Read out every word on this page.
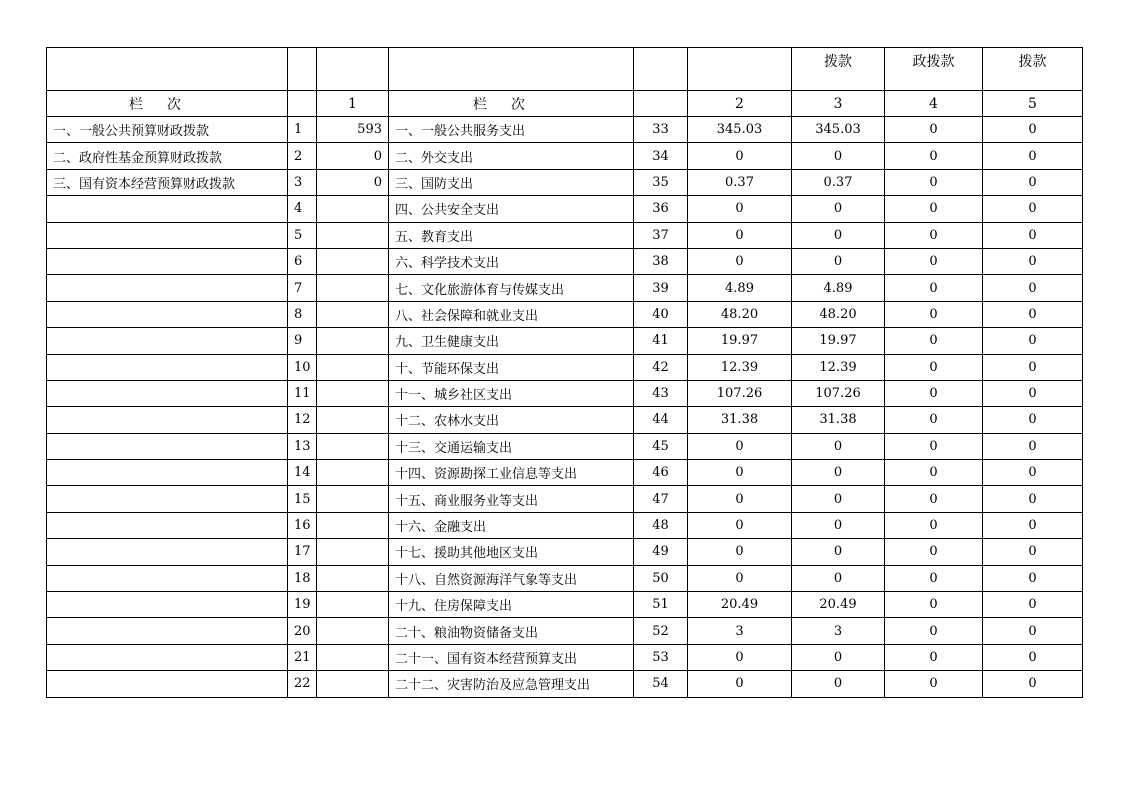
						拨款	政拨款	拨款
栏次		1	栏次		2	3	4	5
一、一般公共预算财政拨款	1	593	一、一般公共服务支出	33	345.03	345.03	0	0
二、政府性基金预算财政拨款	2	0	二、外交支出	34	0	0	0	0
三、国有资本经营预算财政拨款	3	0	三、国防支出	35	0.37	0.37	0	0
	4		四、公共安全支出	36	0	0	0	0
	5		五、教育支出	37	0	0	0	0
	6		六、科学技术支出	38	0	0	0	0
	7		七、文化旅游体育与传媒支出	39	4.89	4.89	0	0
	8		八、社会保障和就业支出	40	48.20	48.20	0	0
	9		九、卫生健康支出	41	19.97	19.97	0	0
	10		十、节能环保支出	42	12.39	12.39	0	0
	11		十一、城乡社区支出	43	107.26	107.26	0	0
	12		十二、农林水支出	44	31.38	31.38	0	0
	13		十三、交通运输支出	45	0	0	0	0
	14		十四、资源勘探工业信息等支出	46	0	0	0	0
	15		十五、商业服务业等支出	47	0	0	0	0
	16		十六、金融支出	48	0	0	0	0
	17		十七、援助其他地区支出	49	0	0	0	0
	18		十八、自然资源海洋气象等支出	50	0	0	0	0
	19		十九、住房保障支出	51	20.49	20.49	0	0
	20		二十、粮油物资储备支出	52	3	3	0	0
	21		二十一、国有资本经营预算支出	53	0	0	0	0
	22		二十二、灾害防治及应急管理支出	54	0	0	0	0
